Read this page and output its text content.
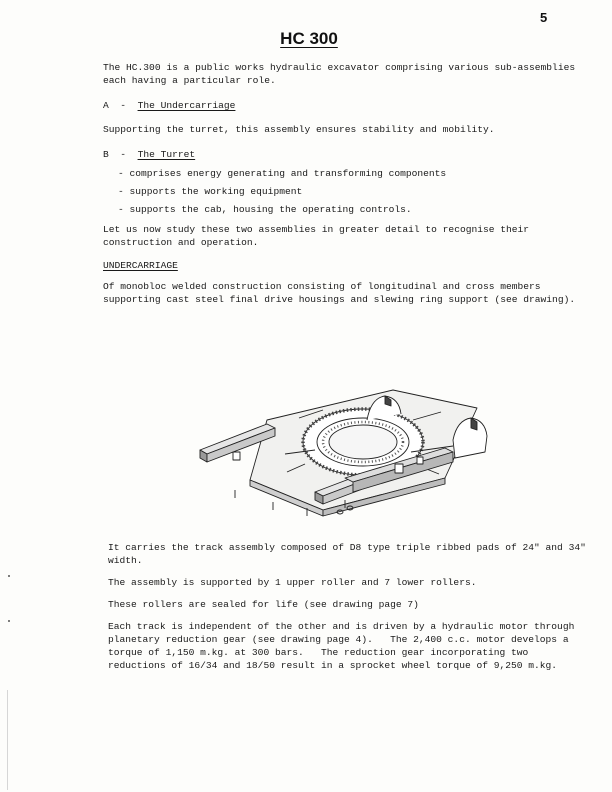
5
HC 300

The HC.300 is a public works hydraulic excavator comprising various sub-assemblies

each having a particular role.

A - The Undercarriage

Supporting the turret, this assembly ensures stability and mobility.

B - The Turret

- comprises energy generating and transforming components

- supports the working equipment

- supports the cab, housing the operating controls.

Let us now study these two assemblies in greater detail to recognise their

construction and operation.

UNDERCARRIAGE

Of monobloc welded construction consisting of longitudinal and cross members

supporting cast steel final drive housings and slewing ring support (see drawing).

It carries the track assembly composed of D8 type triple ribbed pads of 24" and 34"

width.

The assembly is supported by 1 upper roller and 7 lower rollers.

These rollers are sealed for life (see drawing page 7)

Each track is independent of the other and is driven by a hydraulic motor through

planetary reduction gear (see drawing page 4).   The 2,400 c.c. motor develops a

torque of 1,150 m.kg. at 300 bars.   The reduction gear incorporating two

reductions of 16/34 and 18/50 result in a sprocket wheel torque of 9,250 m.kg.
